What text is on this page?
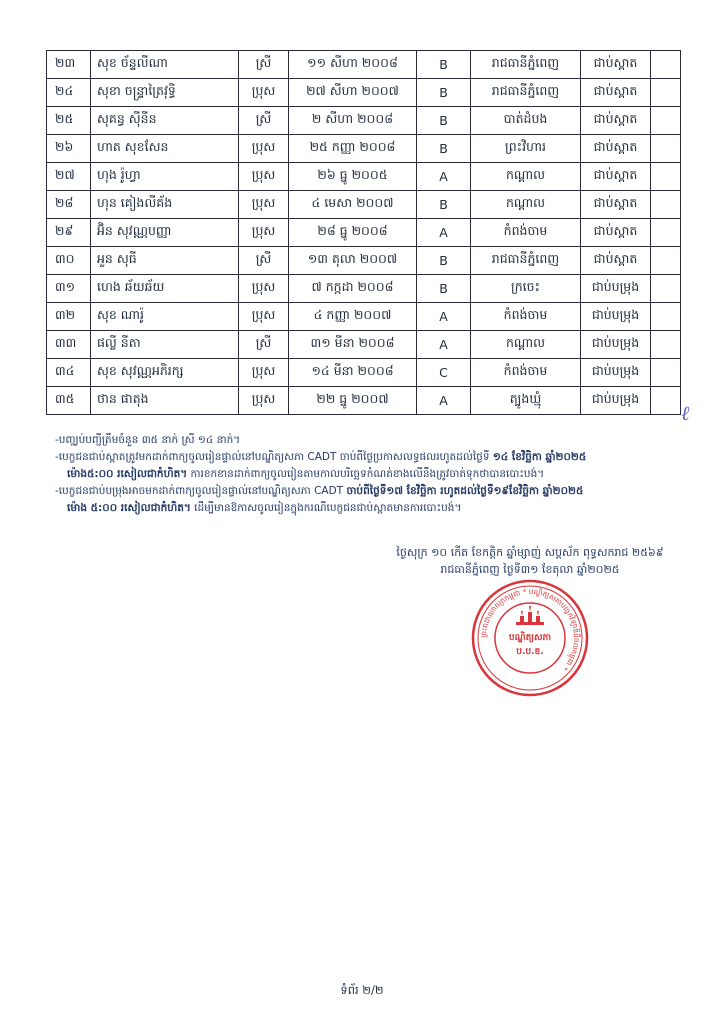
២៣	សុខ ច័ន្ទលីណា	ស្រី	១១ សីហា ២០០៨	B	រាជធានីភ្នំពេញ	ជាប់ស្ពាត	
២៤	សុខា ចន្ទ្រាត្រៃវុទ្ធិ	ប្រុស	២៧ សីហា ២០០៧	B	រាជធានីភ្នំពេញ	ជាប់ស្ពាត	
២៥	សុគន្ធ ស៊ីនីន	ស្រី	២ សីហា ២០០៨	B	បាត់ដំបង	ជាប់ស្ពាត	
២៦	ហាត សុខសែន	ប្រុស	២៥ កញ្ញា ២០០៨	B	ព្រះវិហារ	ជាប់ស្ពាត	
២៧	ហុង រ៉ូហ្វា	ប្រុស	២៦ ធ្នូ ២០០៥	A	កណ្តាល	ជាប់ស្ពាត	
២៨	ហុន គៀងលីគ័ង	ប្រុស	៤ មេសា ២០០៧	B	កណ្តាល	ជាប់ស្ពាត	
២៩	អ៊ិន សុវណ្ណបញ្ញា	ប្រុស	២៨ ធ្នូ ២០០៨	A	កំពង់ចាម	ជាប់ស្ពាត	
៣០	អួន សុធី	ស្រី	១៣ តុលា ២០០៧	B	រាជធានីភ្នំពេញ	ជាប់ស្ពាត	
៣១	ហេង ឆ័យឆ័យ	ប្រុស	៧ កក្កដា ២០០៨	B	ក្រចេះ	ជាប់បម្រុង	
៣២	សុខ ណារ៉ូ	ប្រុស	៤ កញ្ញា ២០០៧	A	កំពង់ចាម	ជាប់បម្រុង	
៣៣	ផល្លី នីតា	ស្រី	៣១ មីនា ២០០៨	A	កណ្តាល	ជាប់បម្រុង	
៣៤	សុខ សុវណ្ណអភិរក្ស	ប្រុស	១៤ មីនា ២០០៨	C	កំពង់ចាម	ជាប់បម្រុង	
៣៥	ថាន ផាតុង	ប្រុស	២២ ធ្នូ ២០០៧	A	ត្បូងឃ្មុំ	ជាប់បម្រុង	
ℓ

-បញ្ឈប់បញ្ជីត្រឹមចំនួន ៣៥ នាក់ ស្រី ១៤ នាក់។

-បេក្ខជនជាប់ស្ពាតត្រូវមកដាក់ពាក្យចូលរៀនផ្ទាល់នៅបណ្ឌិត្យសភា CADT ចាប់ពីថ្ងៃប្រកាសលទ្ធផលរហូតដល់ថ្ងៃទី ១៤ ខែវិច្ឆិកា ឆ្នាំ២០២៥

ម៉ោង៥:០០ រសៀលជាកំហិត។ ការខកខានដាក់ពាក្យចូលរៀនតាមកាលបរិច្ឆេទកំណត់ខាងលើនឹងត្រូវចាត់ទុកថាបានបោះបង់។

-បេក្ខជនជាប់បម្រុងអាចមកដាក់ពាក្យចូលរៀនផ្ទាល់នៅបណ្ឌិត្យសភា CADT ចាប់ពីថ្ងៃទី១៧ ខែវិច្ឆិកា រហូតដល់ថ្ងៃទី១៩ខែវិច្ឆិកា ឆ្នាំ២០២៥

ម៉ោង ៥:០០ រសៀលជាកំហិត។ ដើម្បីមានឱកាសចូលរៀនក្នុងករណីបេក្ខជនជាប់ស្ពាតមានការបោះបង់។

ថ្ងៃសុក្រ ១០ កើត ខែកត្តិក ឆ្នាំម្សាញ់ សប្តស័ក ពុទ្ធសករាជ ២៥៦៩

រាជធានីភ្នំពេញ ថ្ងៃទី៣១ ខែតុលា ឆ្នាំ២០២៥

ព្រះរាជាណាចក្រកម្ពុជា * បណ្ឌិត្យសភាបច្ចេកវិទ្យាឌីជីថលកម្ពុជា *
បណ្ឌិត្យសភា
ប.ប.ឌ.
ទំព័រ ២/២
